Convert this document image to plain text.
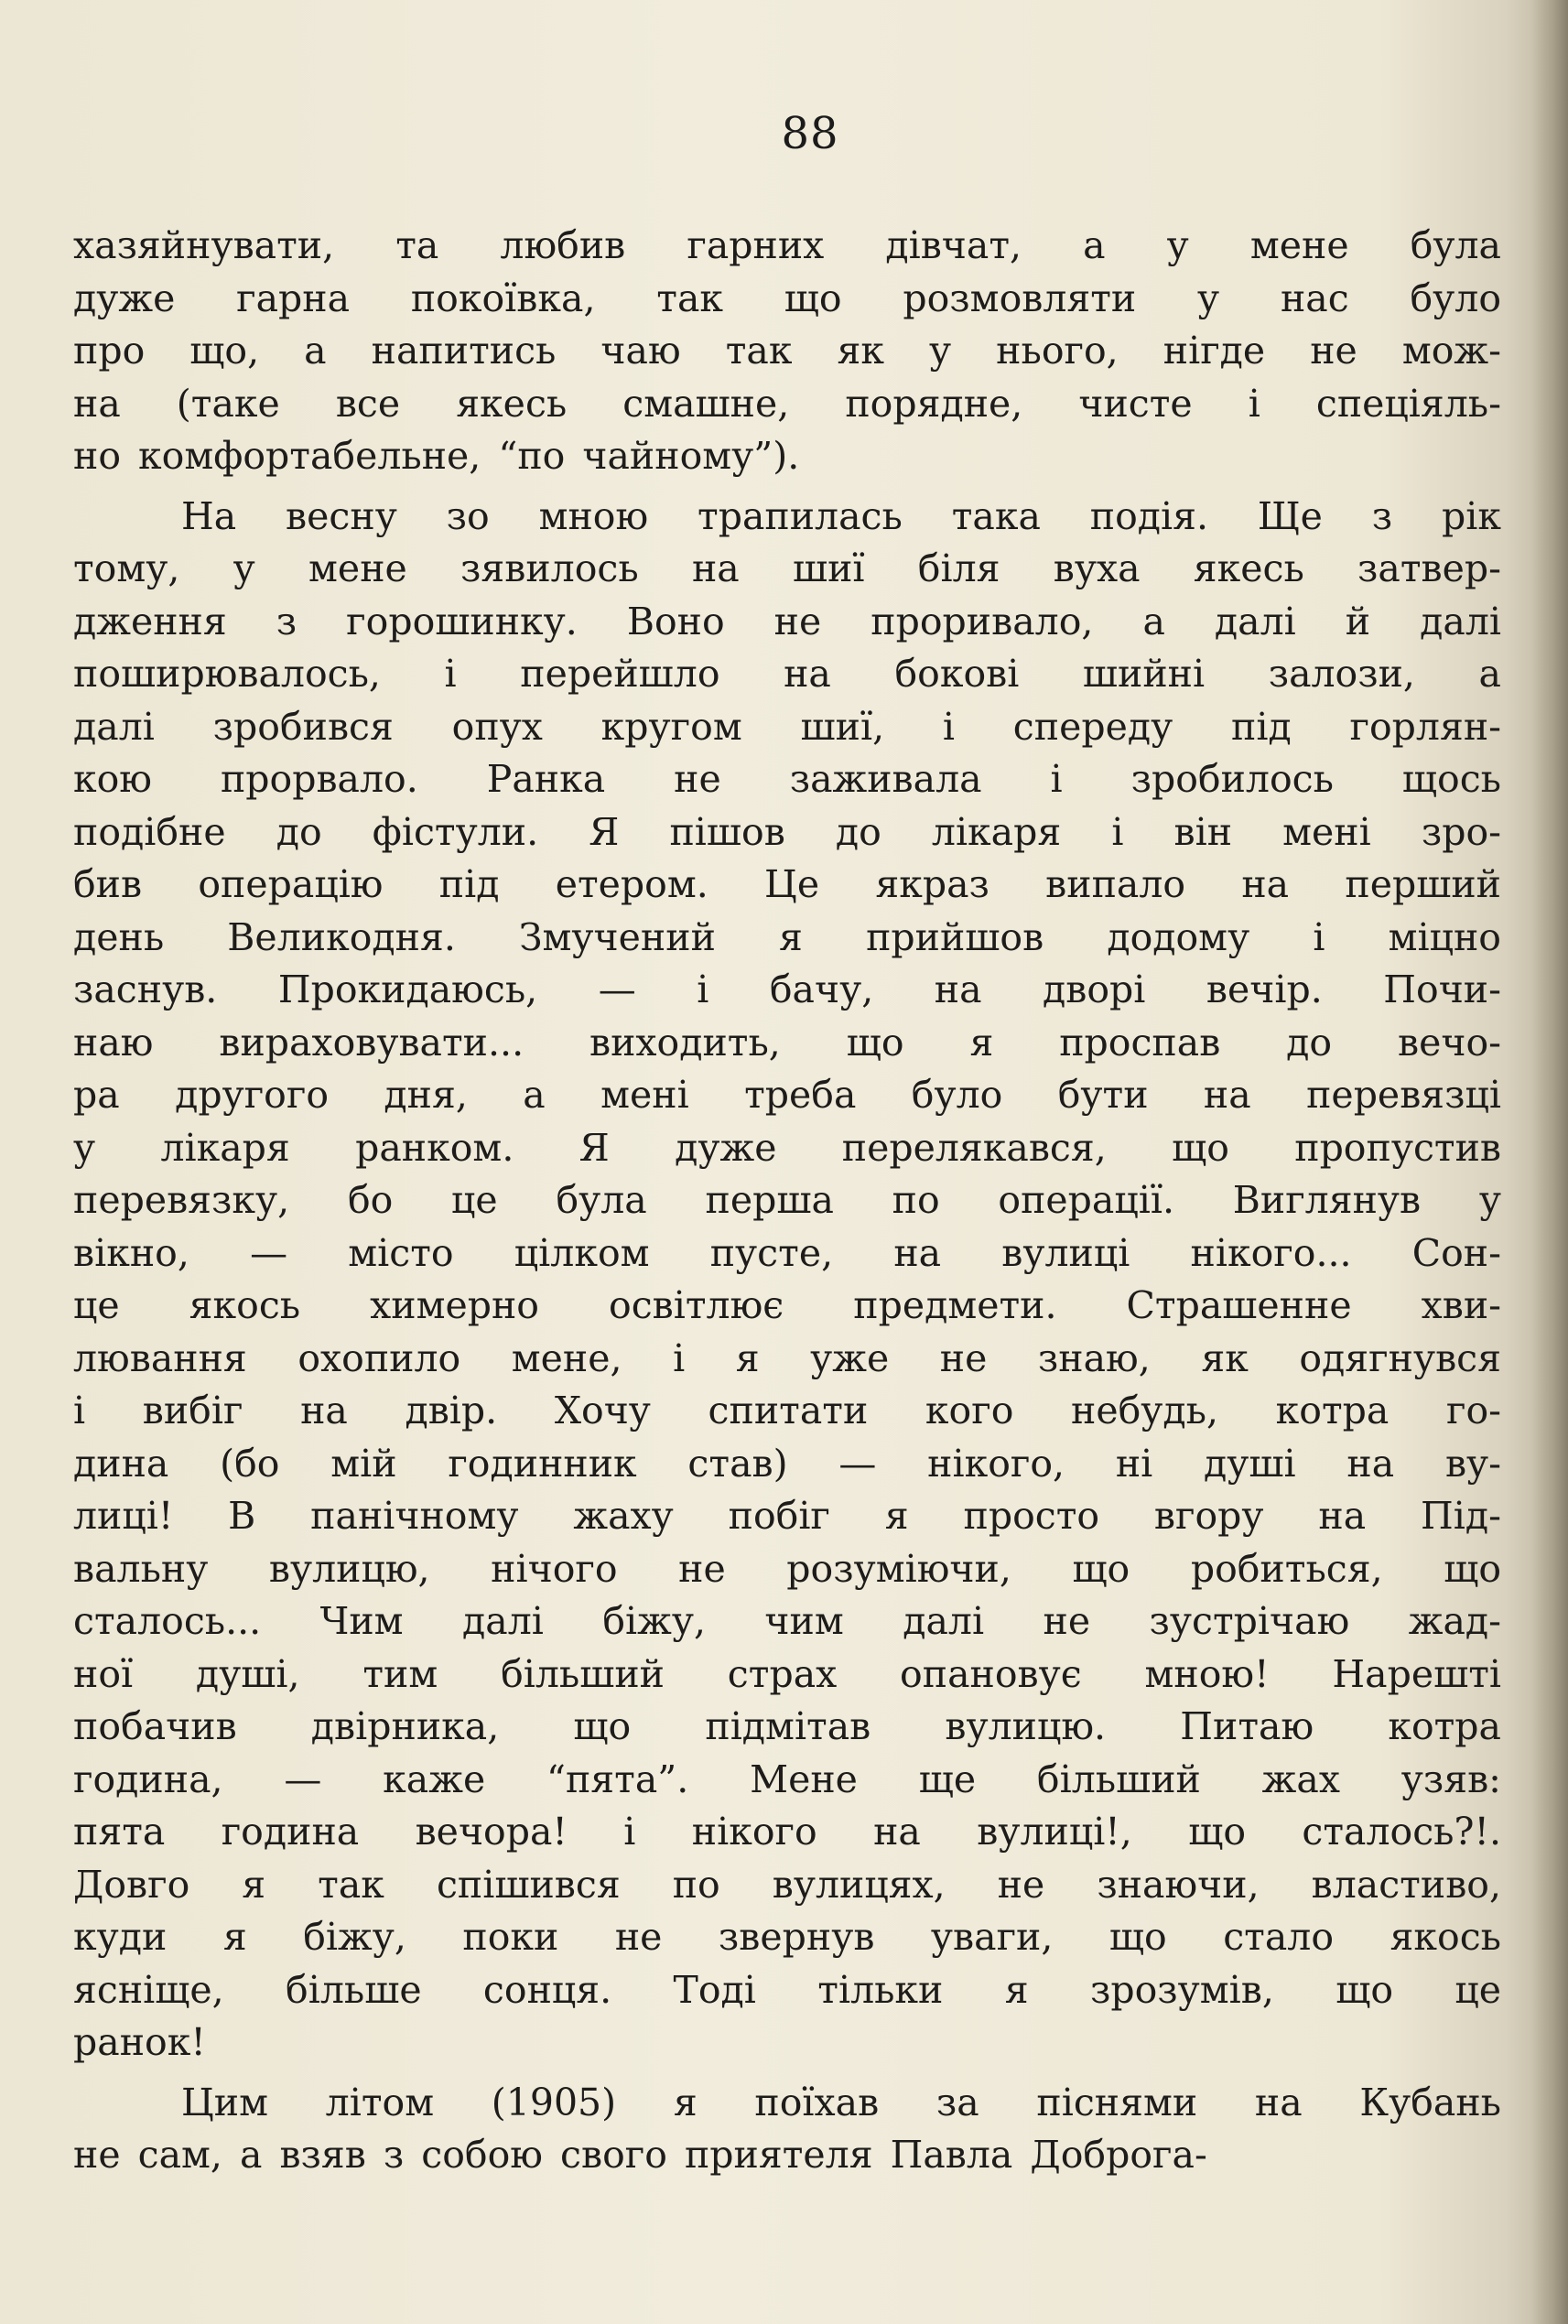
88
хазяйнувати, та любив гарних дівчат, а у мене була
дуже гарна покоївка, так що розмовляти у нас було
про що, а напитись чаю так як у нього, нігде не мож-
на (таке все якесь смашне, порядне, чисте і спеціяль-
но комфортабельне, “по чайному”).
На весну зо мною трапилась така подія. Ще з рік
тому, у мене зявилось на шиї біля вуха якесь затвер-
дження з горошинку. Воно не проривало, а далі й далі
поширювалось, і перейшло на бокові шийні залози, а
далі зробився опух кругом шиї, і спереду під горлян-
кою прорвало. Ранка не заживала і зробилось щось
подібне до фістули. Я пішов до лікаря і він мені зро-
бив операцію під етером. Це якраз випало на перший
день Великодня. Змучений я прийшов додому і міцно
заснув. Прокидаюсь, — і бачу, на дворі вечір. Почи-
наю вираховувати... виходить, що я проспав до вечо-
ра другого дня, а мені треба було бути на перевязці
у лікаря ранком. Я дуже перелякався, що пропустив
перевязку, бо це була перша по операції. Виглянув у
вікно, — місто цілком пусте, на вулиці нікого... Сон-
це якось химерно освітлює предмети. Страшенне хви-
лювання охопило мене, і я уже не знаю, як одягнувся
і вибіг на двір. Хочу спитати кого небудь, котра го-
дина (бо мій годинник став) — нікого, ні душі на ву-
лиці! В панічному жаху побіг я просто вгору на Під-
вальну вулицю, нічого не розуміючи, що робиться, що
сталось... Чим далі біжу, чим далі не зустрічаю жад-
ної душі, тим більший страх опановує мною! Нарешті
побачив двірника, що підмітав вулицю. Питаю котра
година, — каже “пята”. Мене ще більший жах узяв:
пята година вечора! і нікого на вулиці!, що сталось?!.
Довго я так спішився по вулицях, не знаючи, властиво,
куди я біжу, поки не звернув уваги, що стало якось
ясніще, більше сонця. Тоді тільки я зрозумів, що це
ранок!
Цим літом (1905) я поїхав за піснями на Кубань
не сам, а взяв з собою свого приятеля Павла Доброга-
